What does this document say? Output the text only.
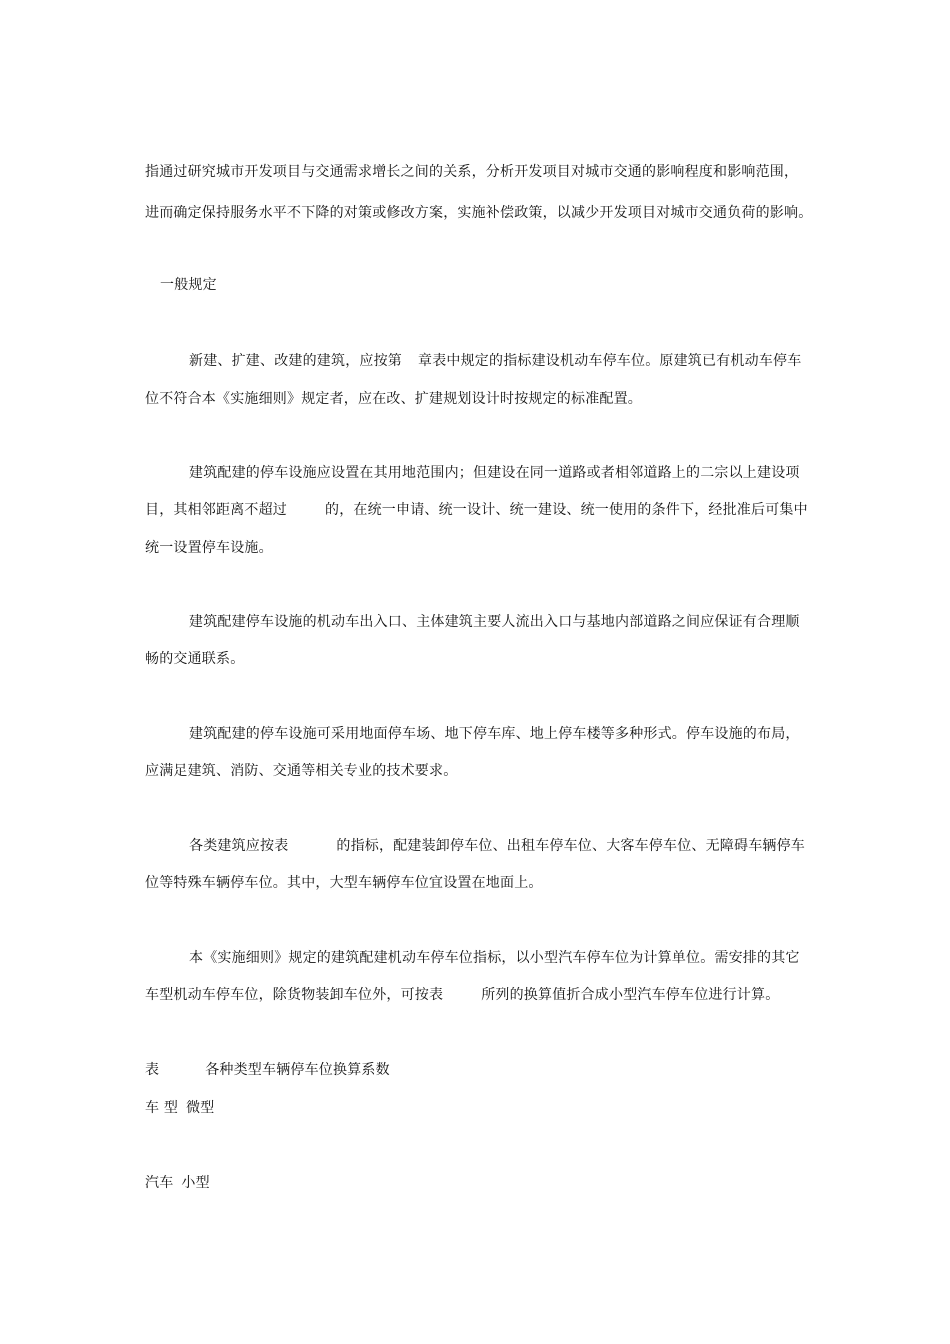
指通过研究城市开发项目与交通需求增长之间的关系，分析开发项目对城市交通的影响程度和影响范围，
进而确定保持服务水平不下降的对策或修改方案，实施补偿政策，以减少开发项目对城市交通负荷的影响。
一般规定
新建、扩建、改建的建筑，应按第 章表中规定的指标建设机动车停车位。原建筑已有机动车停车
位不符合本《实施细则》规定者，应在改、扩建规划设计时按规定的标准配置。
建筑配建的停车设施应设置在其用地范围内；但建设在同一道路或者相邻道路上的二宗以上建设项
目，其相邻距离不超过	的，在统一申请、统一设计、统一建设、统一使用的条件下，经批准后可集中
统一设置停车设施。
建筑配建停车设施的机动车出入口、主体建筑主要人流出入口与基地内部道路之间应保证有合理顺
畅的交通联系。
建筑配建的停车设施可采用地面停车场、地下停车库、地上停车楼等多种形式。停车设施的布局，
应满足建筑、消防、交通等相关专业的技术要求。
各类建筑应按表	的指标，配建装卸停车位、出租车停车位、大客车停车位、无障碍车辆停车
位等特殊车辆停车位。其中，大型车辆停车位宜设置在地面上。
本《实施细则》规定的建筑配建机动车停车位指标，以小型汽车停车位为计算单位。需安排的其它
车型机动车停车位，除货物装卸车位外，可按表	所列的换算值折合成小型汽车停车位进行计算。
表	各种类型车辆停车位换算系数
车 型 微型
汽车 小型
